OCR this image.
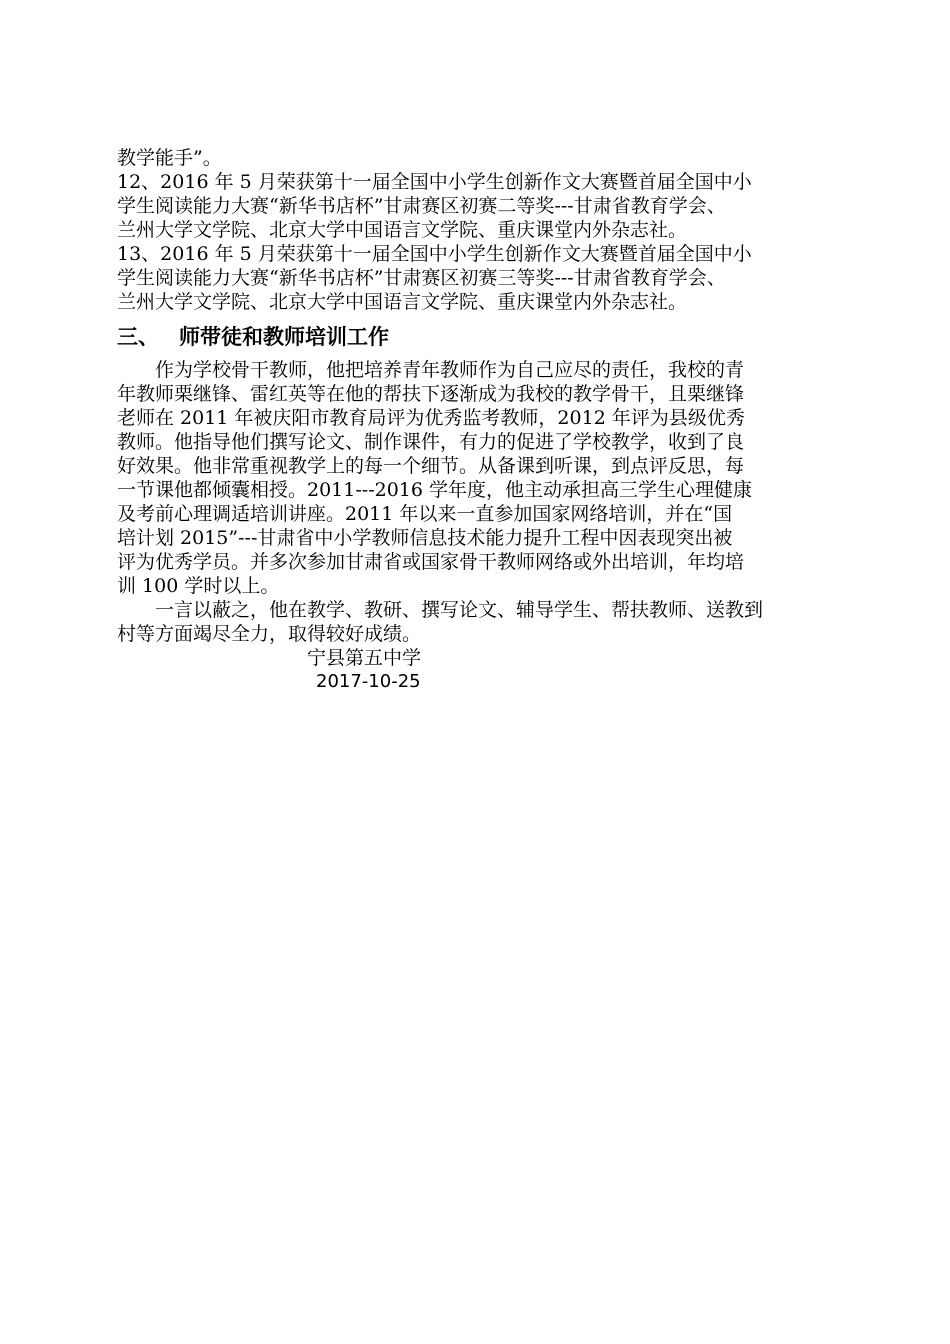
教学能手”。
12、2016 年 5 月荣获第十一届全国中小学生创新作文大赛暨首届全国中小
学生阅读能力大赛“新华书店杯”甘肃赛区初赛二等奖---甘肃省教育学会、
兰州大学文学院、北京大学中国语言文学院、重庆课堂内外杂志社。
13、2016 年 5 月荣获第十一届全国中小学生创新作文大赛暨首届全国中小
学生阅读能力大赛“新华书店杯”甘肃赛区初赛三等奖---甘肃省教育学会、
兰州大学文学院、北京大学中国语言文学院、重庆课堂内外杂志社。
三、 师带徒和教师培训工作
作为学校骨干教师，他把培养青年教师作为自己应尽的责任，我校的青
年教师栗继锋、雷红英等在他的帮扶下逐渐成为我校的教学骨干，且栗继锋
老师在 2011 年被庆阳市教育局评为优秀监考教师，2012 年评为县级优秀
教师。他指导他们撰写论文、制作课件，有力的促进了学校教学，收到了良
好效果。他非常重视教学上的每一个细节。从备课到听课，到点评反思，每
一节课他都倾囊相授。2011---2016 学年度，他主动承担高三学生心理健康
及考前心理调适培训讲座。2011 年以来一直参加国家网络培训，并在“国
培计划 2015”---甘肃省中小学教师信息技术能力提升工程中因表现突出被
评为优秀学员。并多次参加甘肃省或国家骨干教师网络或外出培训，年均培
训 100 学时以上。
一言以蔽之，他在教学、教研、撰写论文、辅导学生、帮扶教师、送教到
村等方面竭尽全力，取得较好成绩。
宁县第五中学
2017-10-25
